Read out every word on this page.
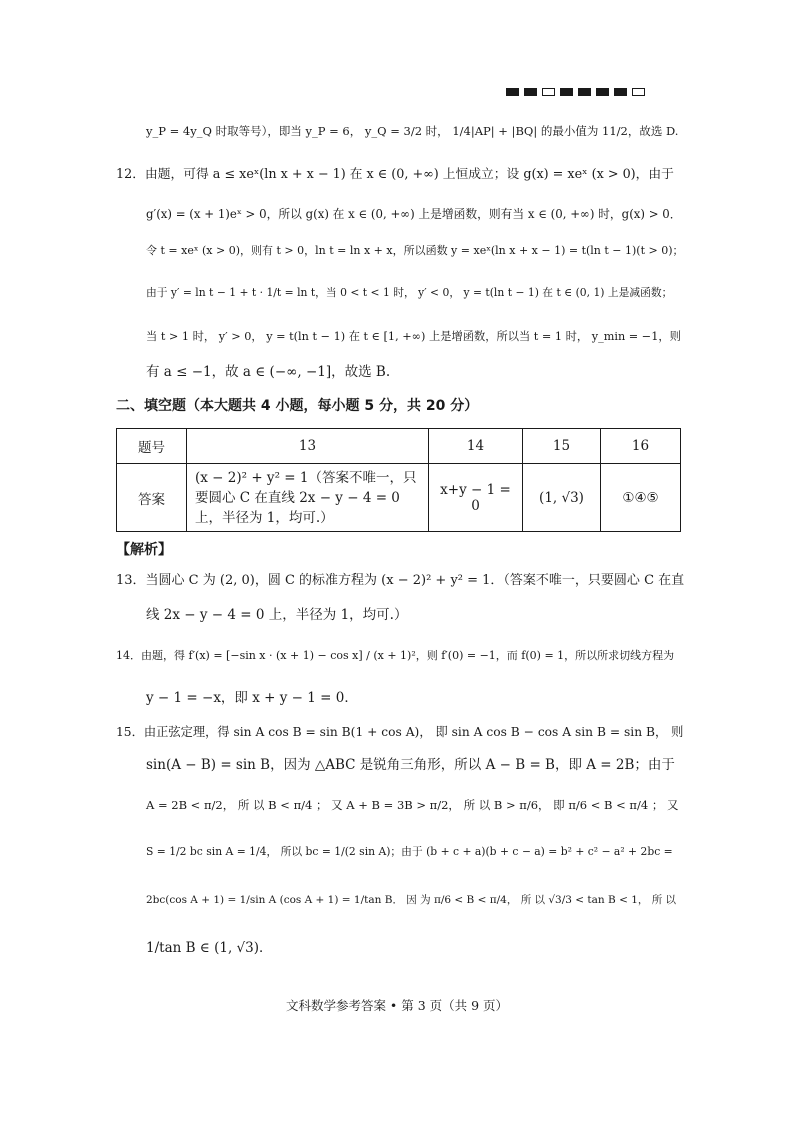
y_P = 4y_Q 时取等号），即当 y_P = 6， y_Q = 3/2 时， 1/4|AP| + |BQ| 的最小值为 11/2，故选 D.
12．由题，可得 a ≤ xeˣ(ln x + x − 1) 在 x ∈ (0, +∞) 上恒成立；设 g(x) = xeˣ (x > 0)，由于
g′(x) = (x + 1)eˣ > 0，所以 g(x) 在 x ∈ (0, +∞) 上是增函数，则有当 x ∈ (0, +∞) 时，g(x) > 0．
令 t = xeˣ (x > 0)，则有 t > 0，ln t = ln x + x，所以函数 y = xeˣ(ln x + x − 1) = t(ln t − 1)(t > 0)；
由于 y′ = ln t − 1 + t · 1/t = ln t，当 0 < t < 1 时， y′ < 0， y = t(ln t − 1) 在 t ∈ (0, 1) 上是减函数；
当 t > 1 时， y′ > 0， y = t(ln t − 1) 在 t ∈ [1, +∞) 上是增函数，所以当 t = 1 时， y_min = −1，则
有 a ≤ −1，故 a ∈ (−∞, −1]，故选 B.
二、填空题（本大题共 4 小题，每小题 5 分，共 20 分）
题号	13	14	15	16
答案	(x − 2)² + y² = 1（答案不唯一，只要圆心 C 在直线 2x − y − 4 = 0 上，半径为 1，均可.）	x+y − 1 = 0	(1, √3)	①④⑤
【解析】
13．当圆心 C 为 (2, 0)，圆 C 的标准方程为 (x − 2)² + y² = 1．（答案不唯一，只要圆心 C 在直
线 2x − y − 4 = 0 上，半径为 1，均可.）
14．由题，得 f′(x) = [−sin x · (x + 1) − cos x] / (x + 1)²，则 f′(0) = −1，而 f(0) = 1，所以所求切线方程为
y − 1 = −x，即 x + y − 1 = 0．
15．由正弦定理，得 sin A cos B = sin B(1 + cos A)， 即 sin A cos B − cos A sin B = sin B， 则
sin(A − B) = sin B，因为 △ABC 是锐角三角形，所以 A − B = B，即 A = 2B；由于
A = 2B < π/2， 所 以 B < π/4 ； 又 A + B = 3B > π/2， 所 以 B > π/6， 即 π/6 < B < π/4 ； 又
S = 1/2 bc sin A = 1/4， 所以 bc = 1/(2 sin A)；由于 (b + c + a)(b + c − a) = b² + c² − a² + 2bc =
2bc(cos A + 1) = 1/sin A (cos A + 1) = 1/tan B． 因 为 π/6 < B < π/4， 所 以 √3/3 < tan B < 1， 所 以
1/tan B ∈ (1, √3)．
文科数学参考答案 • 第 3 页（共 9 页）
